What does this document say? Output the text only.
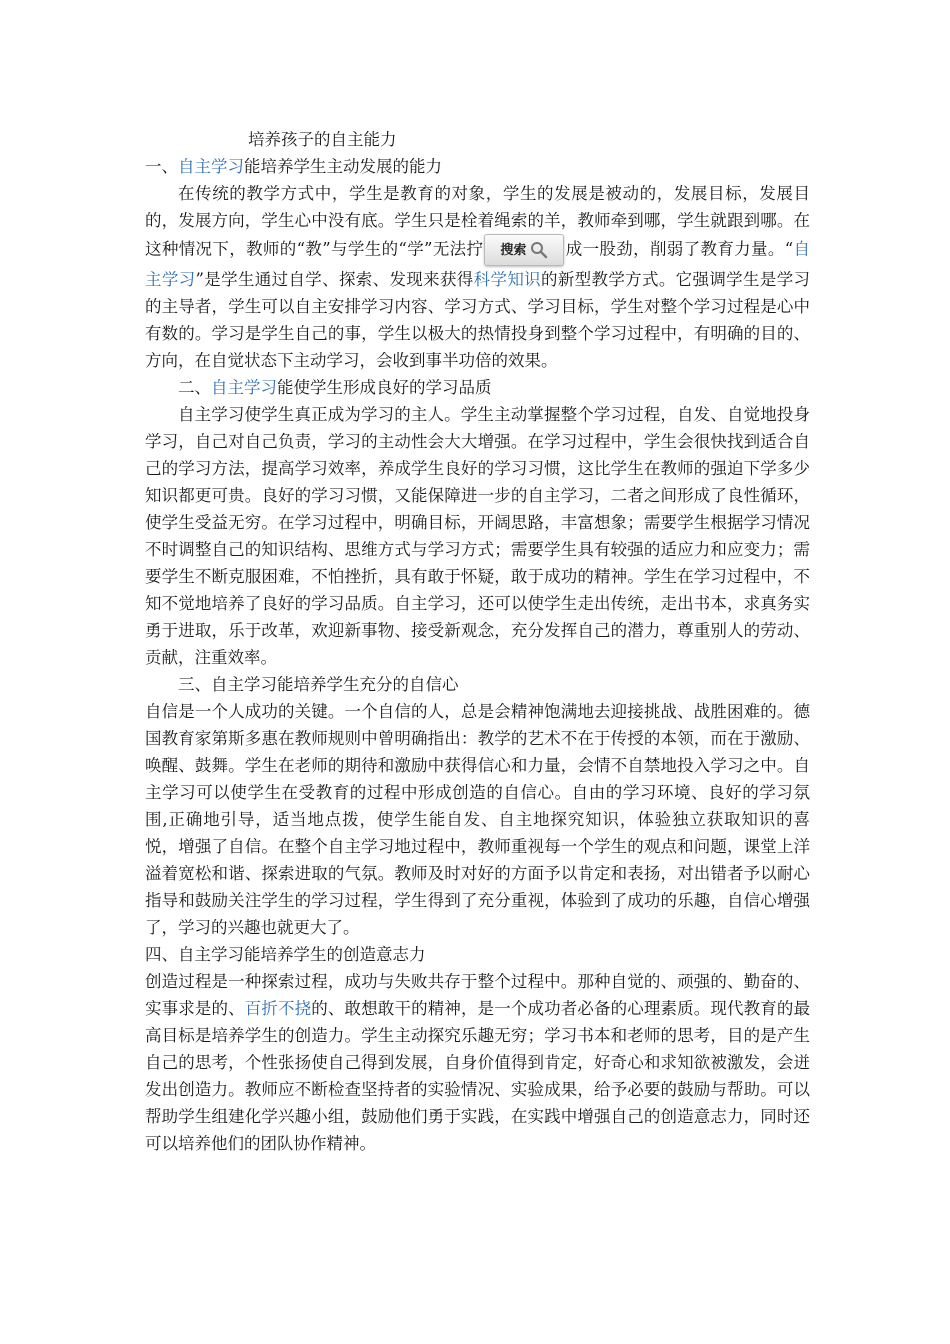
培养孩子的自主能力
一、自主学习能培养学生主动发展的能力

在传统的教学方式中，学生是教育的对象，学生的发展是被动的，发展目标，发展目的，发展方向，学生心中没有底。学生只是栓着绳索的羊，教师牵到哪，学生就跟到哪。在这种情况下，教师的“教”与学生的“学”无法拧 搜索 成一股劲，削弱了教育力量。“自主学习”是学生通过自学、探索、发现来获得科学知识的新型教学方式。它强调学生是学习的主导者，学生可以自主安排学习内容、学习方式、学习目标，学生对整个学习过程是心中有数的。学习是学生自己的事，学生以极大的热情投身到整个学习过程中，有明确的目的、方向，在自觉状态下主动学习，会收到事半功倍的效果。

二、自主学习能使学生形成良好的学习品质

自主学习使学生真正成为学习的主人。学生主动掌握整个学习过程，自发、自觉地投身学习，自己对自己负责，学习的主动性会大大增强。在学习过程中，学生会很快找到适合自己的学习方法，提高学习效率，养成学生良好的学习习惯，这比学生在教师的强迫下学多少知识都更可贵。良好的学习习惯，又能保障进一步的自主学习，二者之间形成了良性循环，使学生受益无穷。在学习过程中，明确目标，开阔思路，丰富想象；需要学生根据学习情况不时调整自己的知识结构、思维方式与学习方式；需要学生具有较强的适应力和应变力；需要学生不断克服困难，不怕挫折，具有敢于怀疑，敢于成功的精神。学生在学习过程中，不知不觉地培养了良好的学习品质。自主学习，还可以使学生走出传统，走出书本，求真务实勇于进取，乐于改革，欢迎新事物、接受新观念，充分发挥自己的潜力，尊重别人的劳动、贡献，注重效率。

三、自主学习能培养学生充分的自信心

自信是一个人成功的关键。一个自信的人，总是会精神饱满地去迎接挑战、战胜困难的。德国教育家第斯多惠在教师规则中曾明确指出：教学的艺术不在于传授的本领，而在于激励、唤醒、鼓舞。学生在老师的期待和激励中获得信心和力量，会情不自禁地投入学习之中。自主学习可以使学生在受教育的过程中形成创造的自信心。自由的学习环境、良好的学习氛围,正确地引导，适当地点拨，使学生能自发、自主地探究知识，体验独立获取知识的喜悦，增强了自信。在整个自主学习地过程中，教师重视每一个学生的观点和问题，课堂上洋溢着宽松和谐、探索进取的气氛。教师及时对好的方面予以肯定和表扬，对出错者予以耐心指导和鼓励关注学生的学习过程，学生得到了充分重视，体验到了成功的乐趣，自信心增强了，学习的兴趣也就更大了。

四、自主学习能培养学生的创造意志力

创造过程是一种探索过程，成功与失败共存于整个过程中。那种自觉的、顽强的、勤奋的、实事求是的、百折不挠的、敢想敢干的精神，是一个成功者必备的心理素质。现代教育的最高目标是培养学生的创造力。学生主动探究乐趣无穷；学习书本和老师的思考，目的是产生自己的思考，个性张扬使自己得到发展，自身价值得到肯定，好奇心和求知欲被激发，会迸发出创造力。教师应不断检查坚持者的实验情况、实验成果，给予必要的鼓励与帮助。可以帮助学生组建化学兴趣小组，鼓励他们勇于实践，在实践中增强自己的创造意志力，同时还可以培养他们的团队协作精神。
